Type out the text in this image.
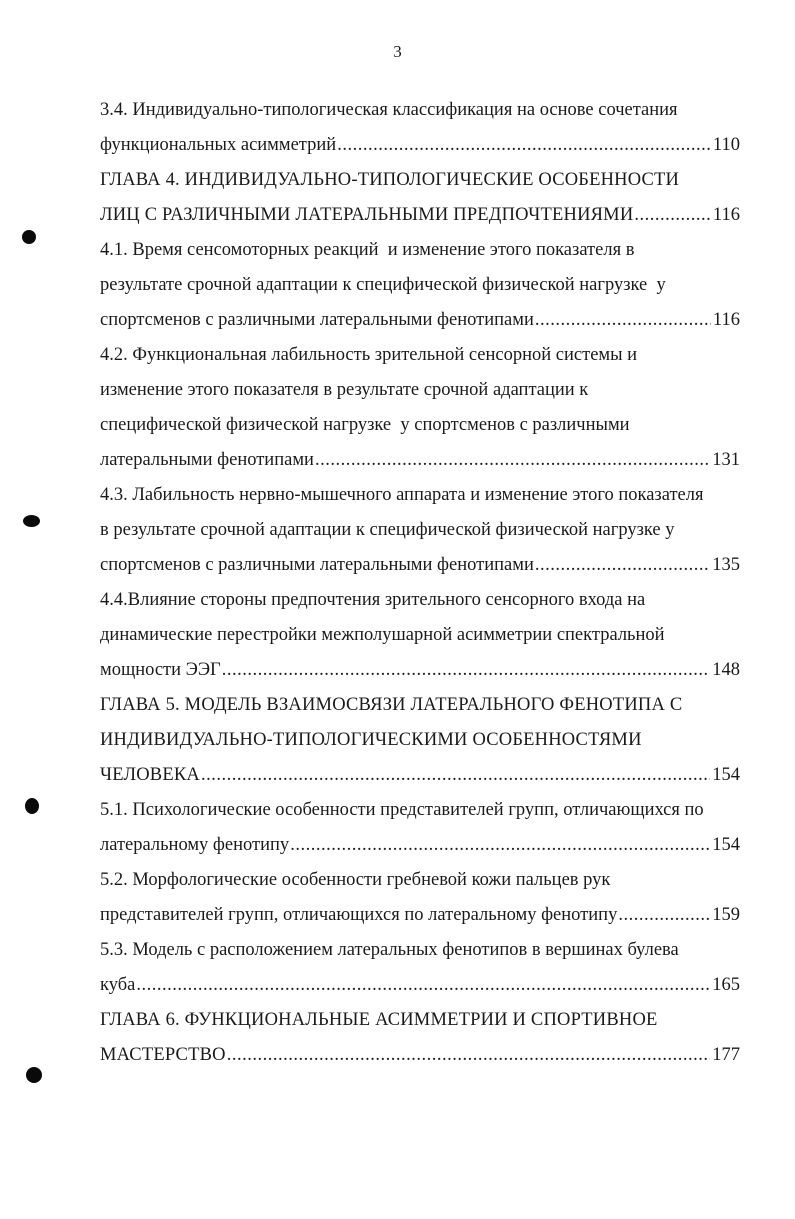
3
3.4. Индивидуально-типологическая классификация на основе сочетания
функциональных асимметрий .....	110
ГЛАВА 4. ИНДИВИДУАЛЬНО-ТИПОЛОГИЧЕСКИЕ ОСОБЕННОСТИ
ЛИЦ С РАЗЛИЧНЫМИ ЛАТЕРАЛЬНЫМИ ПРЕДПОЧТЕНИЯМИ .....	116
4.1. Время сенсомоторных реакций  и изменение этого показателя в
результате срочной адаптации к специфической физической нагрузке  у
спортсменов с различными латеральными фенотипами .....	116
4.2. Функциональная лабильность зрительной сенсорной системы и
изменение этого показателя в результате срочной адаптации к
специфической физической нагрузке  у спортсменов с различными
латеральными фенотипами .....	131
4.3. Лабильность нервно-мышечного аппарата и изменение этого показателя
в результате срочной адаптации к специфической физической нагрузке у
спортсменов с различными латеральными фенотипами .....	135
4.4.Влияние стороны предпочтения зрительного сенсорного входа на
динамические перестройки межполушарной асимметрии спектральной
мощности ЭЭГ .....	148
ГЛАВА 5. МОДЕЛЬ ВЗАИМОСВЯЗИ ЛАТЕРАЛЬНОГО ФЕНОТИПА С
ИНДИВИДУАЛЬНО-ТИПОЛОГИЧЕСКИМИ ОСОБЕННОСТЯМИ
ЧЕЛОВЕКА .....	154
5.1. Психологические особенности представителей групп, отличающихся по
латеральному фенотипу .....	154
5.2. Морфологические особенности гребневой кожи пальцев рук
представителей групп, отличающихся по латеральному фенотипу .....	159
5.3. Модель с расположением латеральных фенотипов в вершинах булева
куба .....	165
ГЛАВА 6. ФУНКЦИОНАЛЬНЫЕ АСИММЕТРИИ И СПОРТИВНОЕ
МАСТЕРСТВО .....	177
